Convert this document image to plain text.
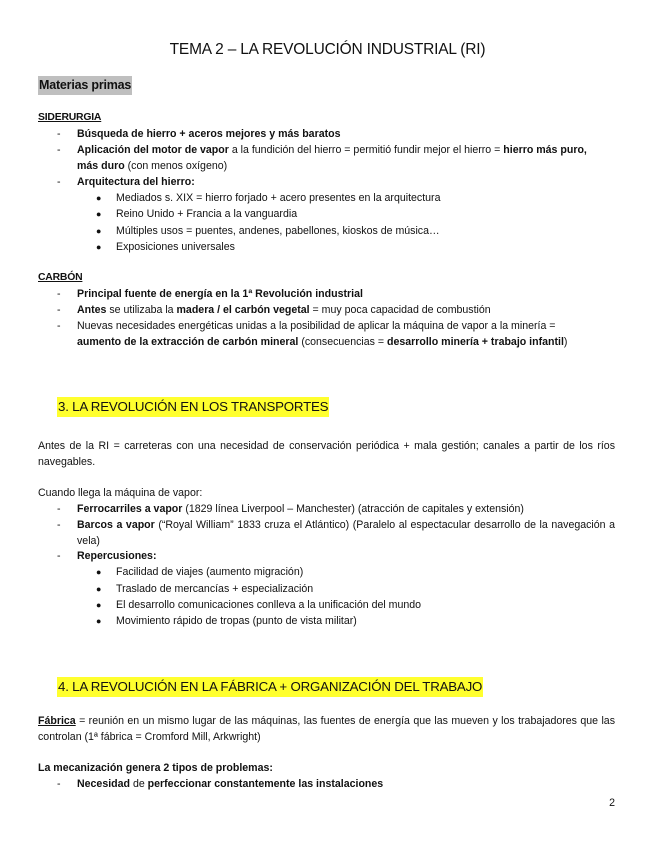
TEMA 2 – LA REVOLUCIÓN INDUSTRIAL (RI)
Materias primas
SIDERURGIA
- Búsqueda de hierro + aceros mejores y más baratos
- Aplicación del motor de vapor a la fundición del hierro = permitió fundir mejor el hierro = hierro más puro,
más duro (con menos oxígeno)
- Arquitectura del hierro:
● Mediados s. XIX = hierro forjado + acero presentes en la arquitectura
● Reino Unido + Francia a la vanguardia
● Múltiples usos = puentes, andenes, pabellones, kioskos de música…
● Exposiciones universales
CARBÓN
- Principal fuente de energía en la 1ª Revolución industrial
- Antes se utilizaba la madera / el carbón vegetal = muy poca capacidad de combustión
- Nuevas necesidades energéticas unidas a la posibilidad de aplicar la máquina de vapor a la minería =
aumento de la extracción de carbón mineral (consecuencias = desarrollo minería + trabajo infantil)
3. LA REVOLUCIÓN EN LOS TRANSPORTES
Antes de la RI = carreteras con una necesidad de conservación periódica + mala gestión; canales a partir de los ríos navegables.
Cuando llega la máquina de vapor:
- Ferrocarriles a vapor (1829 línea Liverpool – Manchester) (atracción de capitales y extensión)
- Barcos a vapor (“Royal William” 1833 cruza el Atlántico) (Paralelo al espectacular desarrollo de la navegación a vela)
- Repercusiones:
● Facilidad de viajes (aumento migración)
● Traslado de mercancías + especialización
● El desarrollo comunicaciones conlleva a la unificación del mundo
● Movimiento rápido de tropas (punto de vista militar)
4. LA REVOLUCIÓN EN LA FÁBRICA + ORGANIZACIÓN DEL TRABAJO
Fábrica = reunión en un mismo lugar de las máquinas, las fuentes de energía que las mueven y los trabajadores que las controlan (1ª fábrica = Cromford Mill, Arkwright)
La mecanización genera 2 tipos de problemas:
- Necesidad de perfeccionar constantemente las instalaciones
2
